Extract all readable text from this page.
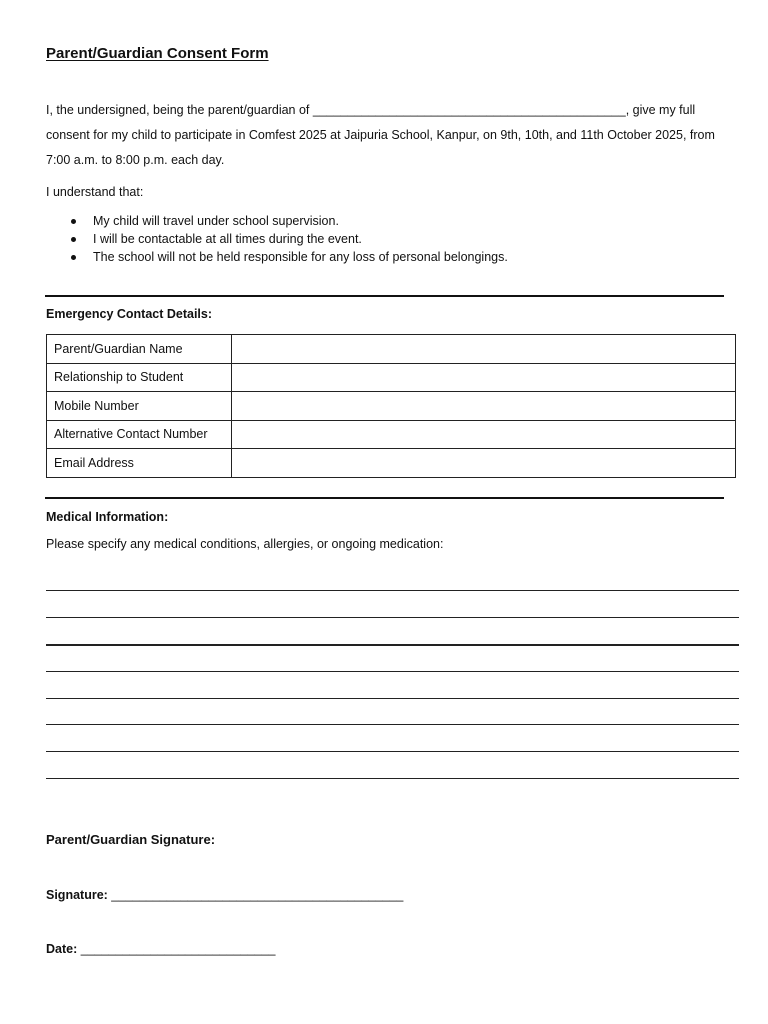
Parent/Guardian Consent Form
I, the undersigned, being the parent/guardian of _____________________________________________, give my full consent for my child to participate in Comfest 2025 at Jaipuria School, Kanpur, on 9th, 10th, and 11th October 2025, from 7:00 a.m. to 8:00 p.m. each day.
I understand that:
My child will travel under school supervision.
I will be contactable at all times during the event.
The school will not be held responsible for any loss of personal belongings.
Emergency Contact Details:
Parent/Guardian Name	
Relationship to Student	
Mobile Number	
Alternative Contact Number	
Email Address	
Medical Information:
Please specify any medical conditions, allergies, or ongoing medication:
Parent/Guardian Signature:
Signature: __________________________________________
Date: ____________________________
